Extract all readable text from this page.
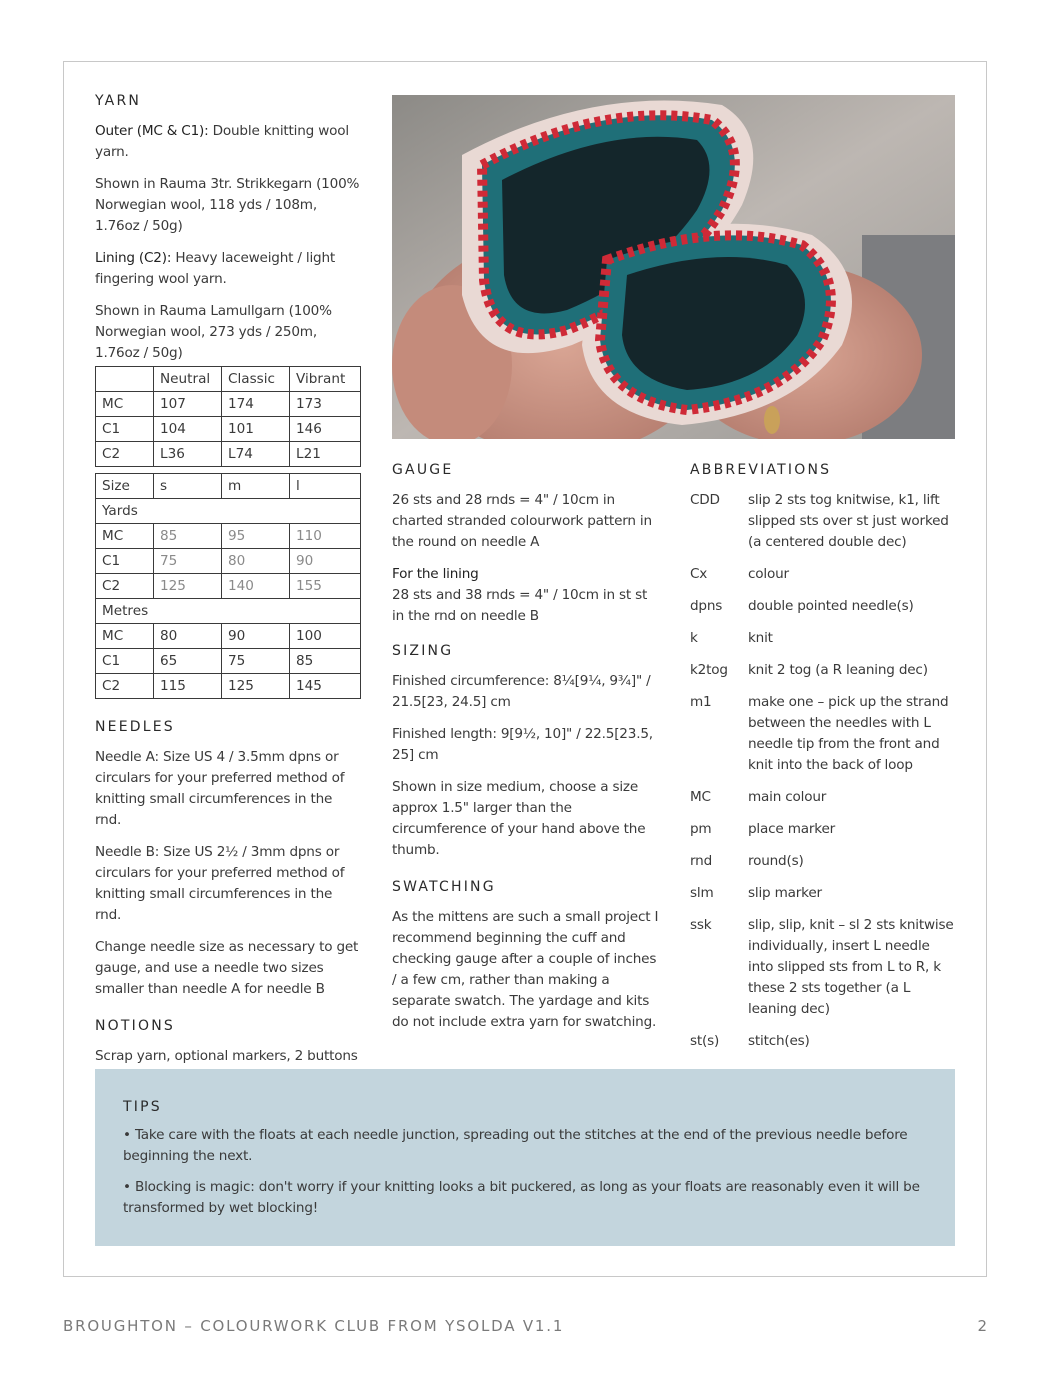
YARN

Outer (MC & C1): Double knitting wool yarn.

Shown in Rauma 3tr. Strikkegarn (100% Norwegian wool, 118 yds / 108m, 1.76oz / 50g)

Lining (C2): Heavy laceweight / light fingering wool yarn.

Shown in Rauma Lamullgarn (100% Norwegian wool, 273 yds / 250m, 1.76oz / 50g)

	Neutral	Classic	Vibrant
MC	107	174	173
C1	104	101	146
C2	L36	L74	L21
Size	s	m	l
Yards			
MC	85	95	110
C1	75	80	90
C2	125	140	155
Metres			
MC	80	90	100
C1	65	75	85
C2	115	125	145
NEEDLES

Needle A: Size US 4 / 3.5mm dpns or circulars for your preferred method of knitting small circumferences in the rnd.

Needle B: Size US 2½ / 3mm dpns or circulars for your preferred method of knitting small circumferences in the rnd.

Change needle size as necessary to get gauge, and use a needle two sizes smaller than needle A for needle B

NOTIONS

Scrap yarn, optional markers, 2 buttons

GAUGE

26 sts and 28 rnds = 4" / 10cm in charted stranded colourwork pattern in the round on needle A

For the lining
28 sts and 38 rnds = 4" / 10cm in st st in the rnd on needle B

SIZING

Finished circumference: 8¼[9¼, 9¾]" / 21.5[23, 24.5] cm

Finished length: 9[9½, 10]" / 22.5[23.5, 25] cm

Shown in size medium, choose a size approx 1.5" larger than the circumference of your hand above the thumb.

SWATCHING

As the mittens are such a small project I recommend beginning the cuff and checking gauge after a couple of inches / a few cm, rather than making a separate swatch. The yardage and kits do not include extra yarn for swatching.

ABBREVIATIONS
CDD	slip 2 sts tog knitwise, k1, lift slipped sts over st just worked (a centered double dec)
Cx	colour
dpns	double pointed needle(s)
k	knit
k2tog	knit 2 tog (a R leaning dec)
m1	make one – pick up the strand between the needles with L needle tip from the front and knit into the back of loop
MC	main colour
pm	place marker
rnd	round(s)
slm	slip marker
ssk	slip, slip, knit – sl 2 sts knitwise individually, insert L needle into slipped sts from L to R, k these 2 sts together (a L leaning dec)
st(s)	stitch(es)
TIPS

• Take care with the floats at each needle junction, spreading out the stitches at the end of the previous needle before beginning the next.

• Blocking is magic: don't worry if your knitting looks a bit puckered, as long as your floats are reasonably even it will be transformed by wet blocking!

BROUGHTON – COLOURWORK CLUB FROM YSOLDA V1.1	2
